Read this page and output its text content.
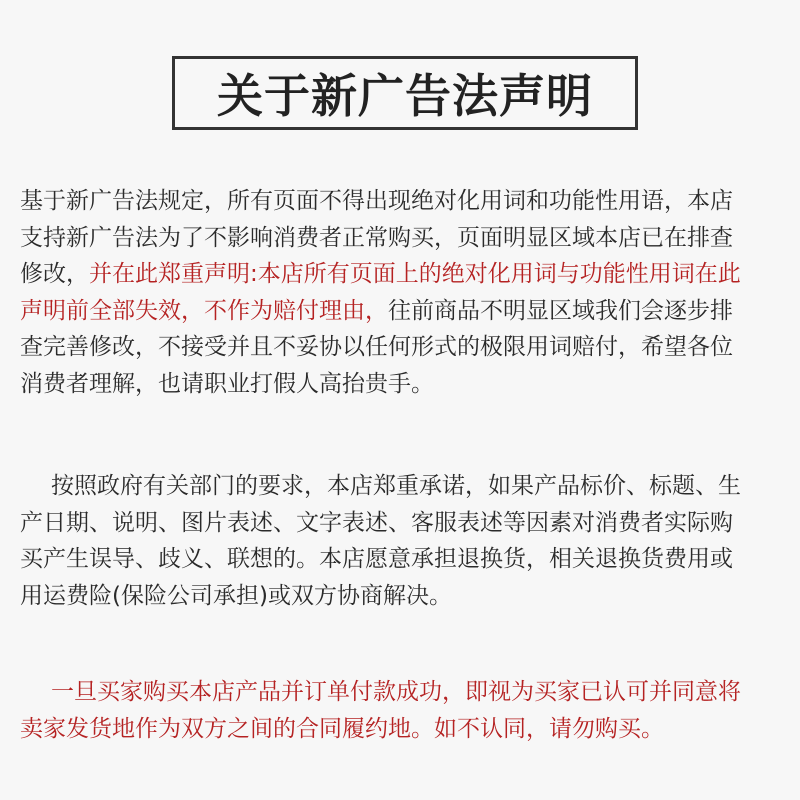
关于新广告法声明
基于新广告法规定，所有页面不得出现绝对化用词和功能性用语，本店
支持新广告法为了不影响消费者正常购买，页面明显区域本店已在排查
修改，并在此郑重声明:本店所有页面上的绝对化用词与功能性用词在此
声明前全部失效，不作为赔付理由，往前商品不明显区域我们会逐步排
查完善修改，不接受并且不妥协以任何形式的极限用词赔付，希望各位
消费者理解，也请职业打假人高抬贵手。
按照政府有关部门的要求，本店郑重承诺，如果产品标价、标题、生
产日期、说明、图片表述、文字表述、客服表述等因素对消费者实际购
买产生误导、歧义、联想的。本店愿意承担退换货，相关退换货费用或
用运费险(保险公司承担)或双方协商解决。
一旦买家购买本店产品并订单付款成功，即视为买家已认可并同意将
卖家发货地作为双方之间的合同履约地。如不认同，请勿购买。
